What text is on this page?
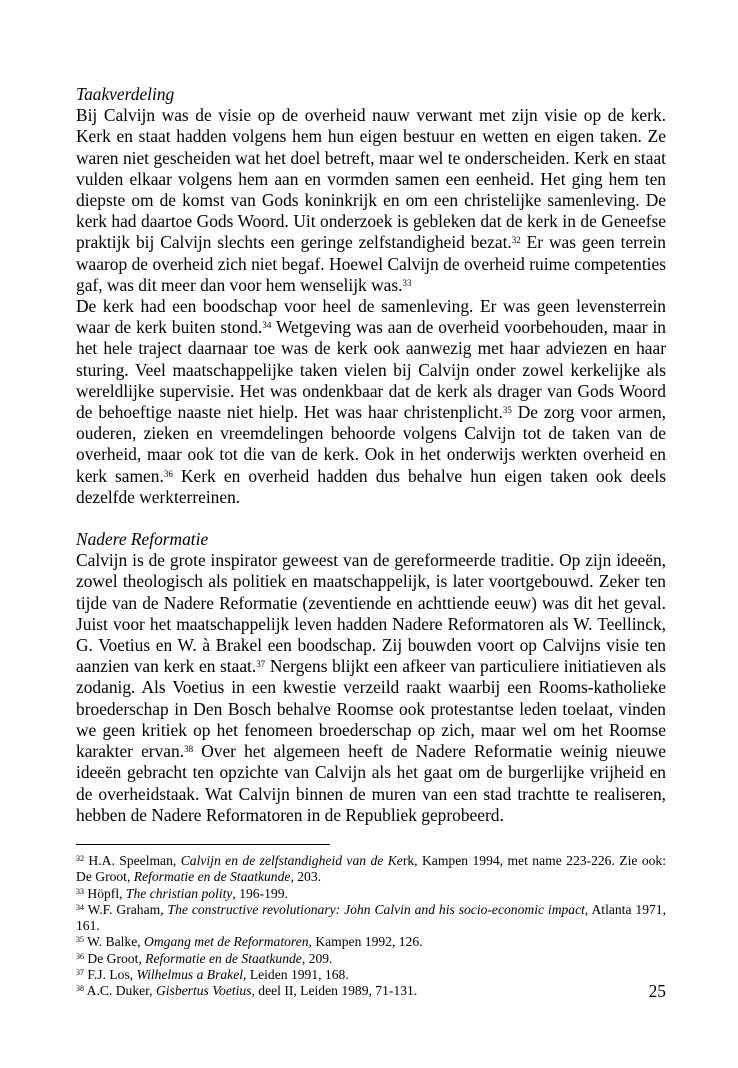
Taakverdeling

Bij Calvijn was de visie op de overheid nauw verwant met zijn visie op de kerk. Kerk en staat hadden volgens hem hun eigen bestuur en wetten en eigen taken. Ze waren niet gescheiden wat het doel betreft, maar wel te onderscheiden. Kerk en staat vulden elkaar volgens hem aan en vormden samen een eenheid. Het ging hem ten diepste om de komst van Gods koninkrijk en om een christelijke samenleving. De kerk had daartoe Gods Woord. Uit onderzoek is gebleken dat de kerk in de Geneefse praktijk bij Calvijn slechts een geringe zelfstandigheid bezat.$^{32}$ Er was geen terrein waarop de overheid zich niet begaf. Hoewel Calvijn de overheid ruime competenties gaf, was dit meer dan voor hem wenselijk was.$^{33}$

De kerk had een boodschap voor heel de samenleving. Er was geen levensterrein waar de kerk buiten stond.$^{34}$ Wetgeving was aan de overheid voorbehouden, maar in het hele traject daarnaar toe was de kerk ook aanwezig met haar adviezen en haar sturing. Veel maatschappelijke taken vielen bij Calvijn onder zowel kerkelijke als wereldlijke supervisie. Het was ondenkbaar dat de kerk als drager van Gods Woord de behoeftige naaste niet hielp. Het was haar christenplicht.$^{35}$ De zorg voor armen, ouderen, zieken en vreemdelingen behoorde volgens Calvijn tot de taken van de overheid, maar ook tot die van de kerk. Ook in het onderwijs werkten overheid en kerk samen.$^{36}$ Kerk en overheid hadden dus behalve hun eigen taken ook deels dezelfde werkterreinen.

Nadere Reformatie

Calvijn is de grote inspirator geweest van de gereformeerde traditie. Op zijn ideeën, zowel theologisch als politiek en maatschappelijk, is later voortgebouwd. Zeker ten tijde van de Nadere Reformatie (zeventiende en achttiende eeuw) was dit het geval. Juist voor het maatschappelijk leven hadden Nadere Reformatoren als W. Teellinck, G. Voetius en W. à Brakel een boodschap. Zij bouwden voort op Calvijns visie ten aanzien van kerk en staat.$^{37}$ Nergens blijkt een afkeer van particuliere initiatieven als zodanig. Als Voetius in een kwestie verzeild raakt waarbij een Rooms-katholieke broederschap in Den Bosch behalve Roomse ook protestantse leden toelaat, vinden we geen kritiek op het fenomeen broederschap op zich, maar wel om het Roomse karakter ervan.$^{38}$ Over het algemeen heeft de Nadere Reformatie weinig nieuwe ideeën gebracht ten opzichte van Calvijn als het gaat om de burgerlijke vrijheid en de overheidstaak. Wat Calvijn binnen de muren van een stad trachtte te realiseren, hebben de Nadere Reformatoren in de Republiek geprobeerd.

$^{32}$ H.A. Speelman, Calvijn en de zelfstandigheid van de Kerk, Kampen 1994, met name 223-226. Zie ook: De Groot, Reformatie en de Staatkunde, 203.
$^{33}$ Höpfl, The christian polity, 196-199.
$^{34}$ W.F. Graham, The constructive revolutionary: John Calvin and his socio-economic impact, Atlanta 1971, 161.
$^{35}$ W. Balke, Omgang met de Reformatoren, Kampen 1992, 126.
$^{36}$ De Groot, Reformatie en de Staatkunde, 209.
$^{37}$ F.J. Los, Wilhelmus a Brakel, Leiden 1991, 168.
$^{38}$ A.C. Duker, Gisbertus Voetius, deel II, Leiden 1989, 71-131.	25
